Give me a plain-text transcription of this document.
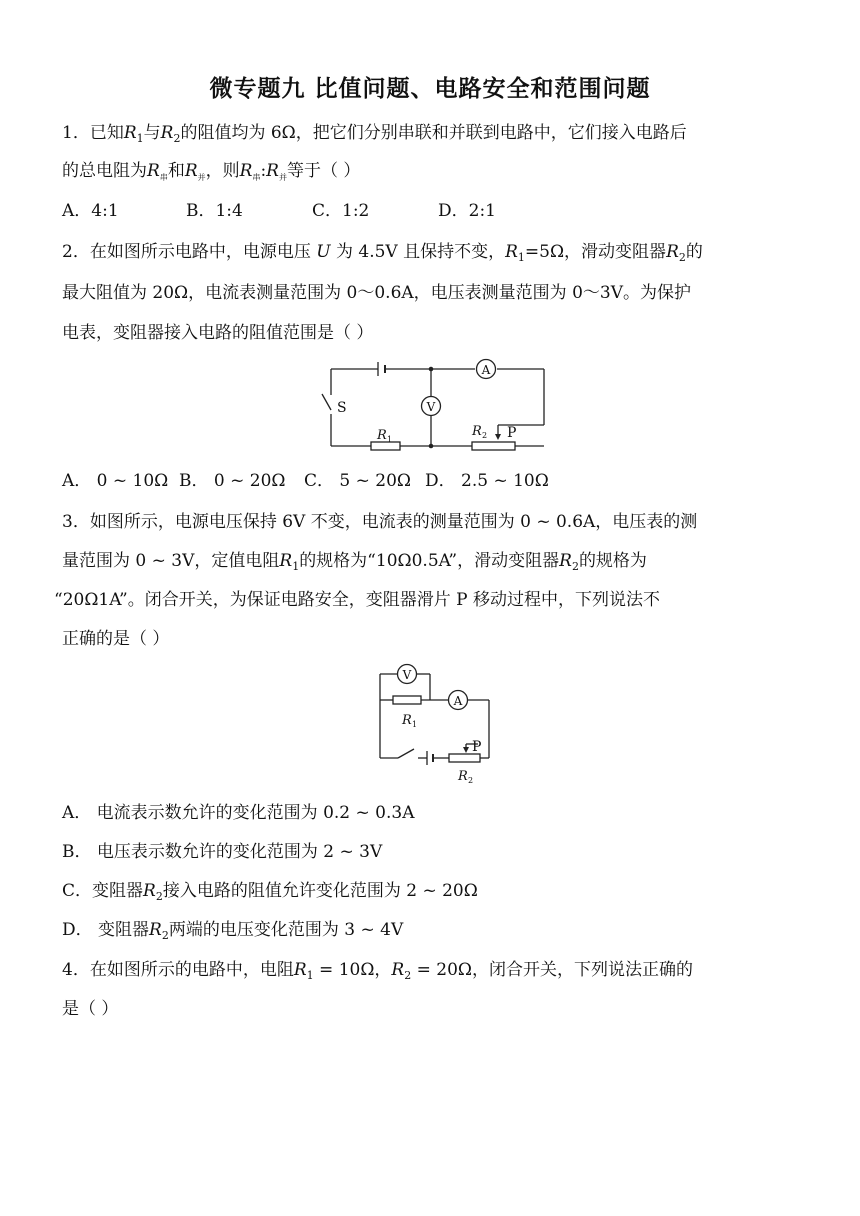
微专题九 比值问题、电路安全和范围问题
1．已知$R_1$与$R_2$的阻值均为 6Ω，把它们分别串联和并联到电路中，它们接入电路后
的总电阻为$R_串$和$R_并$，则$R_串:R_并$等于（ ）
A．4:1	B．1:4	C．1:2	D．2:1
2．在如图所示电路中，电源电压 U 为 4.5V 且保持不变，$R_1=5\Omega$，滑动变阻器$R_2$的
最大阻值为 20Ω，电流表测量范围为 0～0.6A，电压表测量范围为 0～3V。为保护
电表，变阻器接入电路的阻值范围是（ ）
A
V
S
R 1
R 2 P
A． 0 ~ 10Ω B． 0 ~ 20Ω C． 5 ~ 20Ω D． 2.5 ~ 10Ω
3．如图所示，电源电压保持 6V 不变，电流表的测量范围为 0 ~ 0.6A，电压表的测
量范围为 0 ~ 3V，定值电阻$R_1$的规格为“10Ω0.5A”，滑动变阻器$R_2$的规格为
“20Ω1A”。闭合开关，为保证电路安全，变阻器滑片 P 移动过程中，下列说法不
正确的是（ ）
V
A
R 1
P
R 2
A． 电流表示数允许的变化范围为 0.2 ~ 0.3A
B． 电压表示数允许的变化范围为 2 ~ 3V
C．变阻器$R_2$接入电路的阻值允许变化范围为 2 ~ 20Ω
D． 变阻器$R_2$两端的电压变化范围为 3 ~ 4V
4．在如图所示的电路中，电阻$R_1 = 10\Omega$，$R_2 = 20\Omega$，闭合开关，下列说法正确的
是（ ）
